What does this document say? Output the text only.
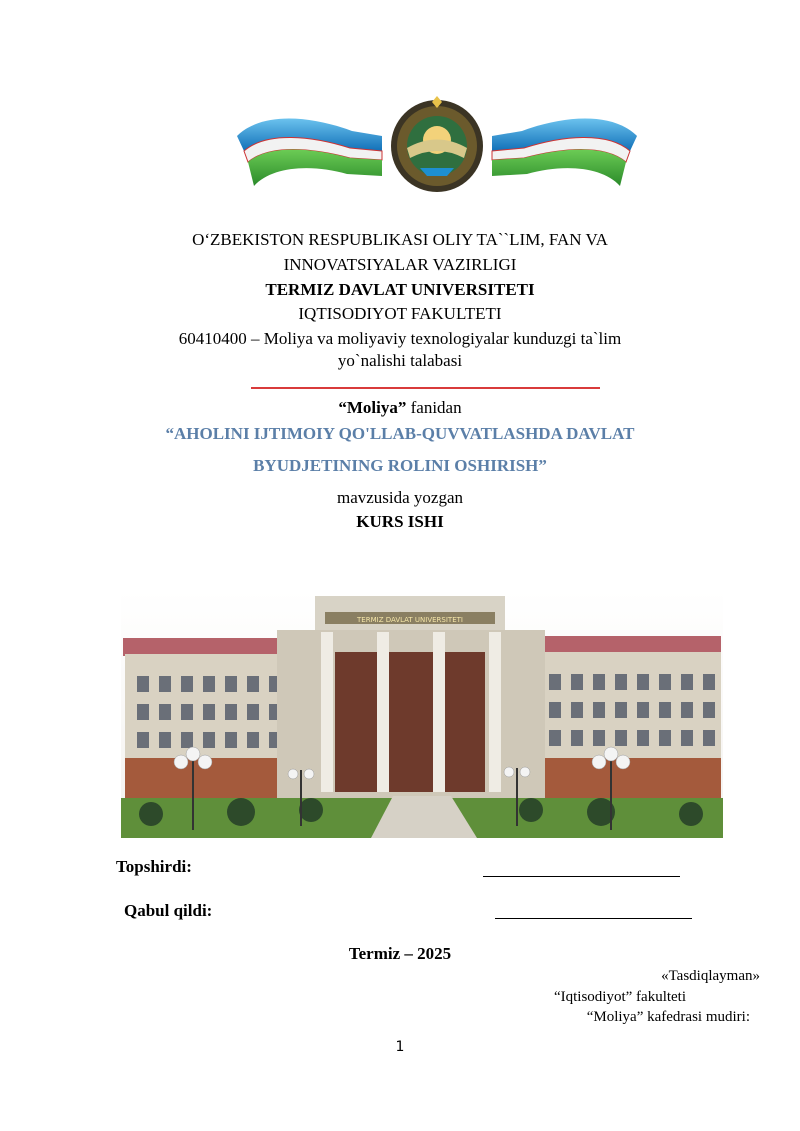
O‘ZBEKISTON RESPUBLIKASI OLIY TA``LIM, FAN VA
INNOVATSIYALAR VAZIRLIGI
TERMIZ DAVLAT UNIVERSITETI
IQTISODIYOT FAKULTETI
60410400 – Moliya va moliyaviy texnologiyalar kunduzgi ta`lim
yo`nalishi talabasi
“Moliya” fanidan
“AHOLINI IJTIMOIY QO'LLAB-QUVVATLASHDA DAVLAT
BYUDJETINING ROLINI OSHIRISH”
mavzusida yozgan
KURS ISHI
TERMIZ DAVLAT UNIVERSITETI
Topshirdi:
Qabul qildi:
Termiz – 2025
«Tasdiqlayman»
“Iqtisodiyot” fakulteti
“Moliya” kafedrasi mudiri:
1
